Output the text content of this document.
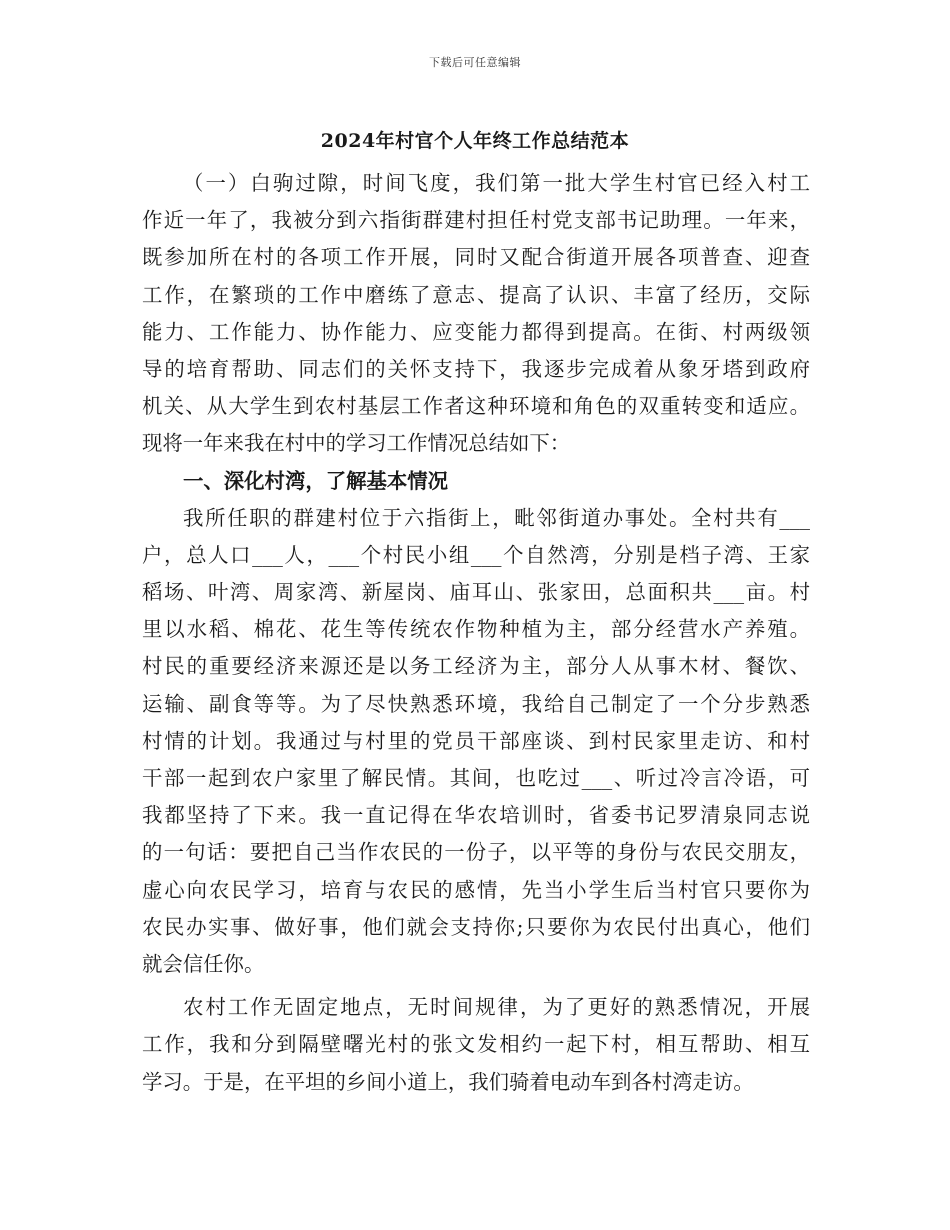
下载后可任意编辑
2024年村官个人年终工作总结范本
（一）白驹过隙，时间飞度，我们第一批大学生村官已经入村工
作近一年了，我被分到六指街群建村担任村党支部书记助理。一年来，
既参加所在村的各项工作开展，同时又配合街道开展各项普查、迎查
工作，在繁琐的工作中磨练了意志、提高了认识、丰富了经历，交际
能力、工作能力、协作能力、应变能力都得到提高。在街、村两级领
导的培育帮助、同志们的关怀支持下，我逐步完成着从象牙塔到政府
机关、从大学生到农村基层工作者这种环境和角色的双重转变和适应。
现将一年来我在村中的学习工作情况总结如下：
一、深化村湾，了解基本情况
我所任职的群建村位于六指街上，毗邻街道办事处。全村共有___
户，总人口___人，___个村民小组___个自然湾，分别是档子湾、王家
稻场、叶湾、周家湾、新屋岗、庙耳山、张家田，总面积共___亩。村
里以水稻、棉花、花生等传统农作物种植为主，部分经营水产养殖。
村民的重要经济来源还是以务工经济为主，部分人从事木材、餐饮、
运输、副食等等。为了尽快熟悉环境，我给自己制定了一个分步熟悉
村情的计划。我通过与村里的党员干部座谈、到村民家里走访、和村
干部一起到农户家里了解民情。其间，也吃过___、听过冷言冷语，可
我都坚持了下来。我一直记得在华农培训时，省委书记罗清泉同志说
的一句话：要把自己当作农民的一份子，以平等的身份与农民交朋友，
虚心向农民学习，培育与农民的感情，先当小学生后当村官只要你为
农民办实事、做好事，他们就会支持你;只要你为农民付出真心，他们
就会信任你。
农村工作无固定地点，无时间规律，为了更好的熟悉情况，开展
工作，我和分到隔壁曙光村的张文发相约一起下村，相互帮助、相互
学习。于是，在平坦的乡间小道上，我们骑着电动车到各村湾走访。
